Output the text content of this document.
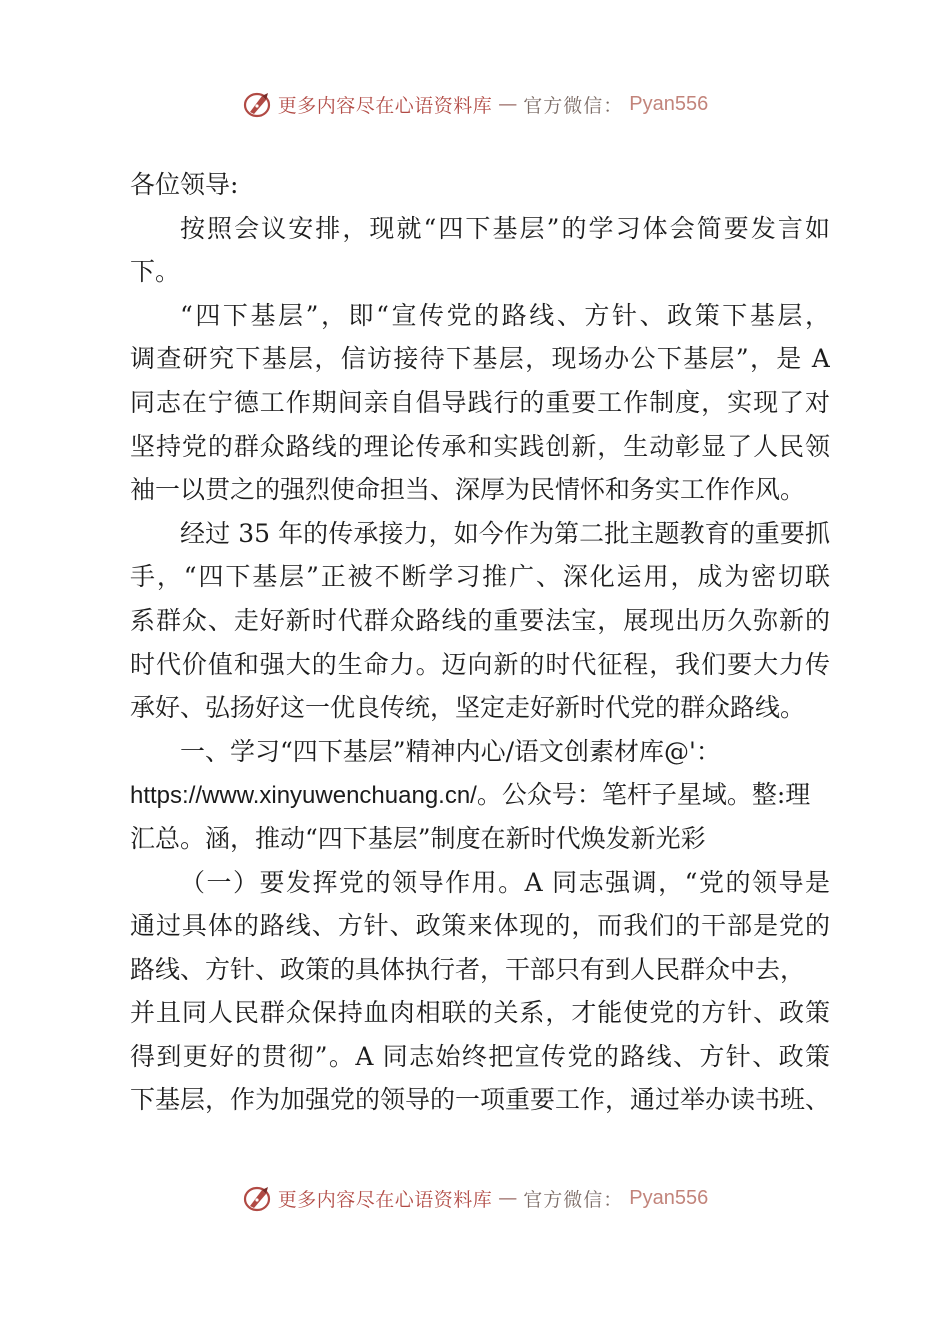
更多内容尽在心语资料库 — 官方微信： Pyan556
各位领导:
按照会议安排，现就“四下基层”的学习体会简要发言如
下。
“四下基层”，即“宣传党的路线、方针、政策下基层，
调查研究下基层，信访接待下基层，现场办公下基层”，是 A
同志在宁德工作期间亲自倡导践行的重要工作制度，实现了对
坚持党的群众路线的理论传承和实践创新，生动彰显了人民领
袖一以贯之的强烈使命担当、深厚为民情怀和务实工作作风。
经过 35 年的传承接力，如今作为第二批主题教育的重要抓
手，“四下基层”正被不断学习推广、深化运用，成为密切联
系群众、走好新时代群众路线的重要法宝，展现出历久弥新的
时代价值和强大的生命力。迈向新的时代征程，我们要大力传
承好、弘扬好这一优良传统，坚定走好新时代党的群众路线。
一、学习“四下基层”精神内心/语文创素材库@'：
https://www.xinyuwenchuang.cn/。公众号：笔杆子星域。整:理
汇总。涵，推动“四下基层”制度在新时代焕发新光彩
（一）要发挥党的领导作用。A 同志强调，“党的领导是
通过具体的路线、方针、政策来体现的，而我们的干部是党的
路线、方针、政策的具体执行者，干部只有到人民群众中去，
并且同人民群众保持血肉相联的关系，才能使党的方针、政策
得到更好的贯彻”。A 同志始终把宣传党的路线、方针、政策
下基层，作为加强党的领导的一项重要工作，通过举办读书班、
更多内容尽在心语资料库 — 官方微信： Pyan556
